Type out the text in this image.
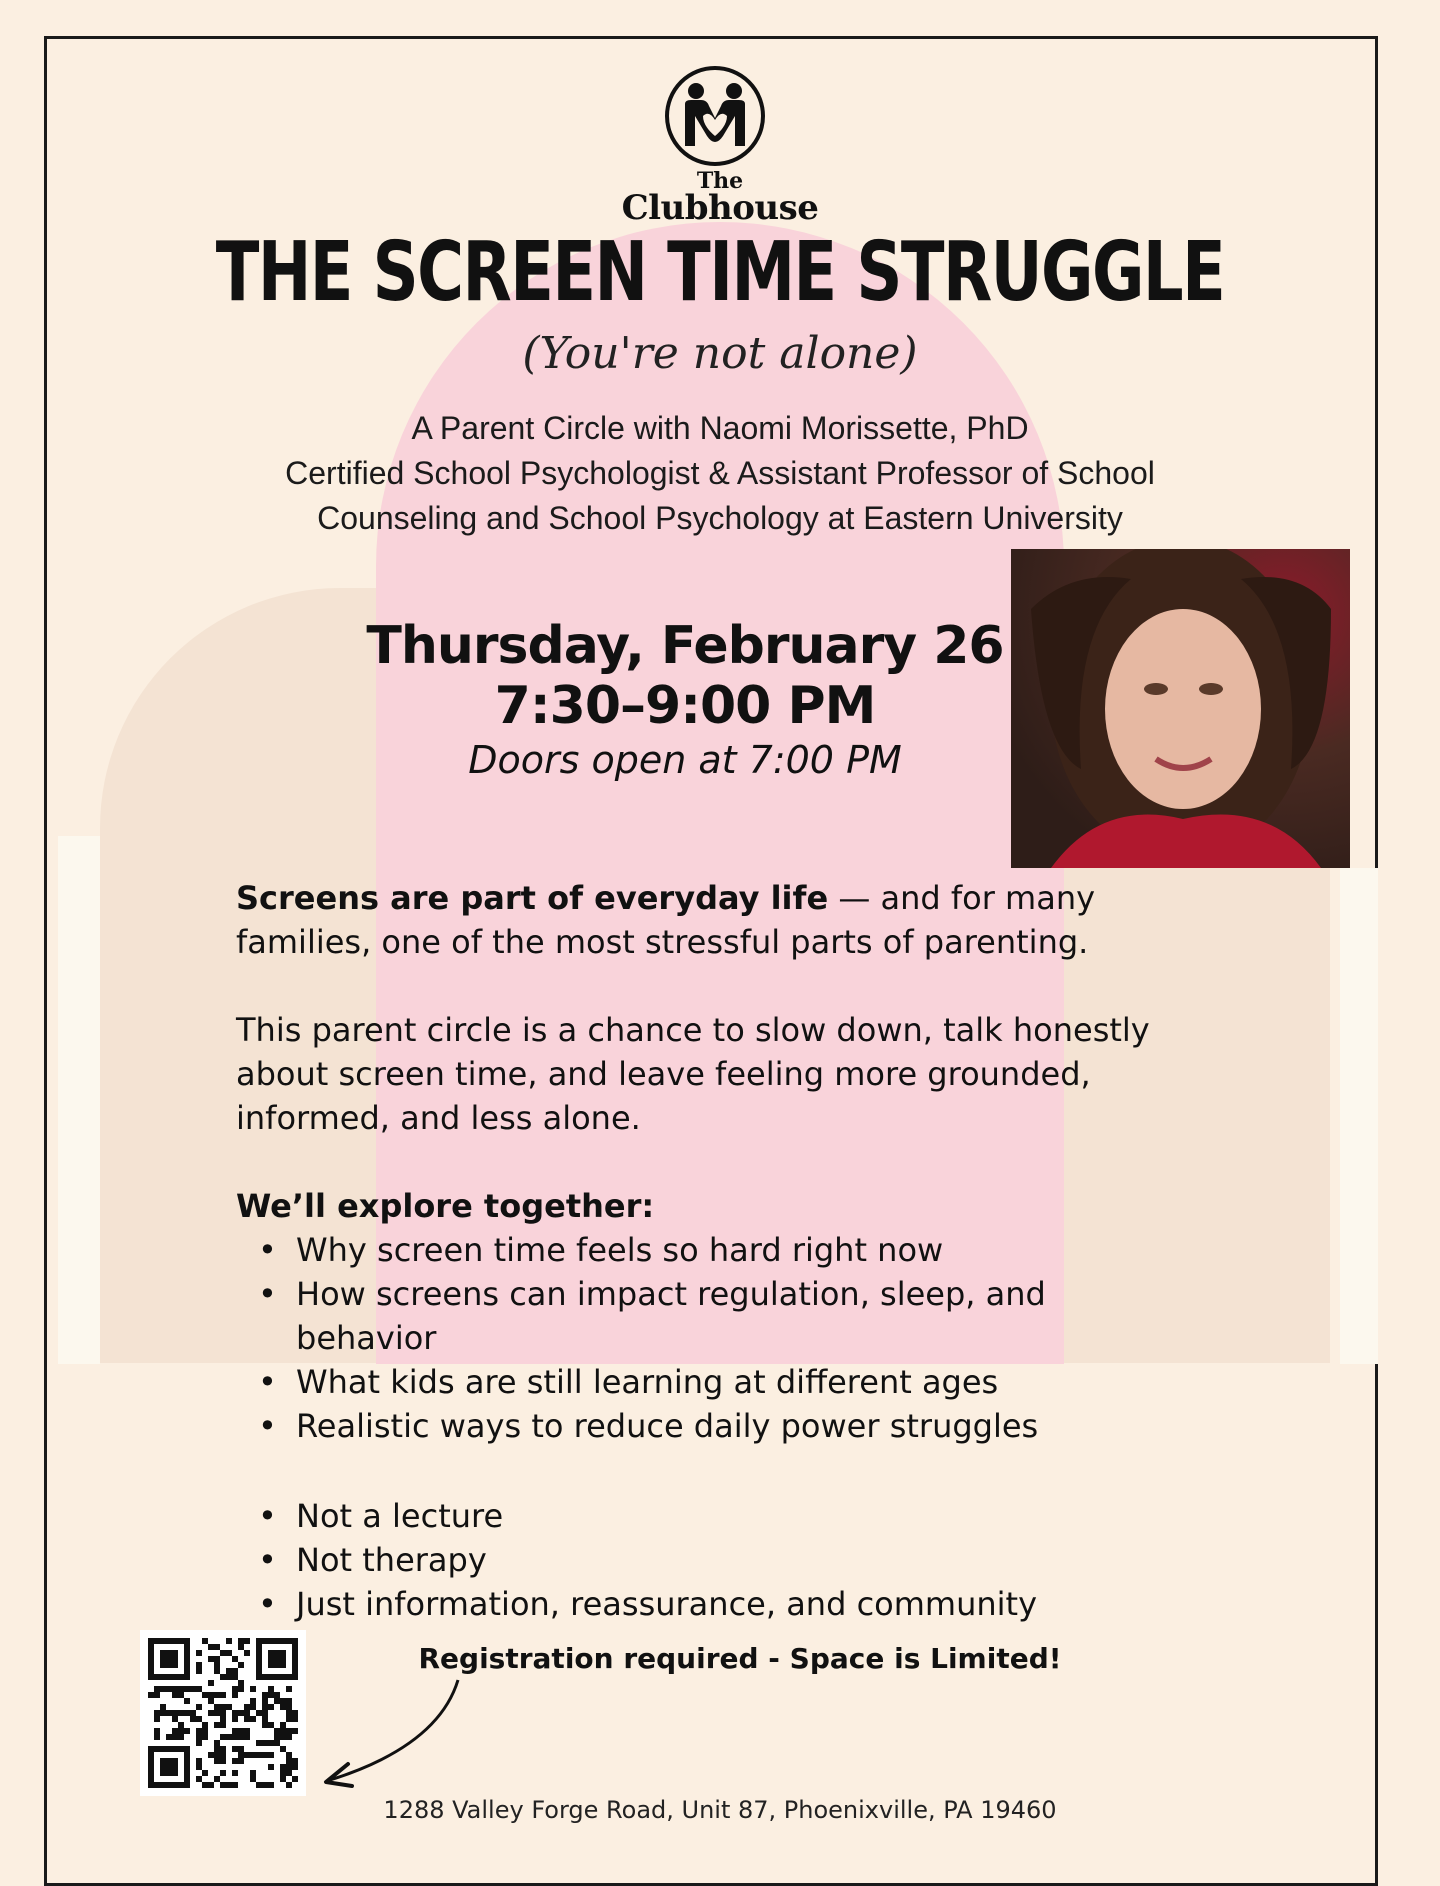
The
Clubhouse
THE SCREEN TIME STRUGGLE
(You're not alone)
A Parent Circle with Naomi Morissette, PhD
Certified School Psychologist & Assistant Professor of School
Counseling and School Psychology at Eastern University
Thursday, February 26
7:30–9:00 PM
Doors open at 7:00 PM
Screens are part of everyday life — and for many families, one of the most stressful parts of parenting.
This parent circle is a chance to slow down, talk honestly about screen time, and leave feeling more grounded, informed, and less alone.
We’ll explore together:
• Why screen time feels so hard right now
• How screens can impact regulation, sleep, and behavior
• What kids are still learning at different ages
• Realistic ways to reduce daily power struggles
• Not a lecture
• Not therapy
• Just information, reassurance, and community
Registration required - Space is Limited!
1288 Valley Forge Road, Unit 87, Phoenixville, PA 19460
